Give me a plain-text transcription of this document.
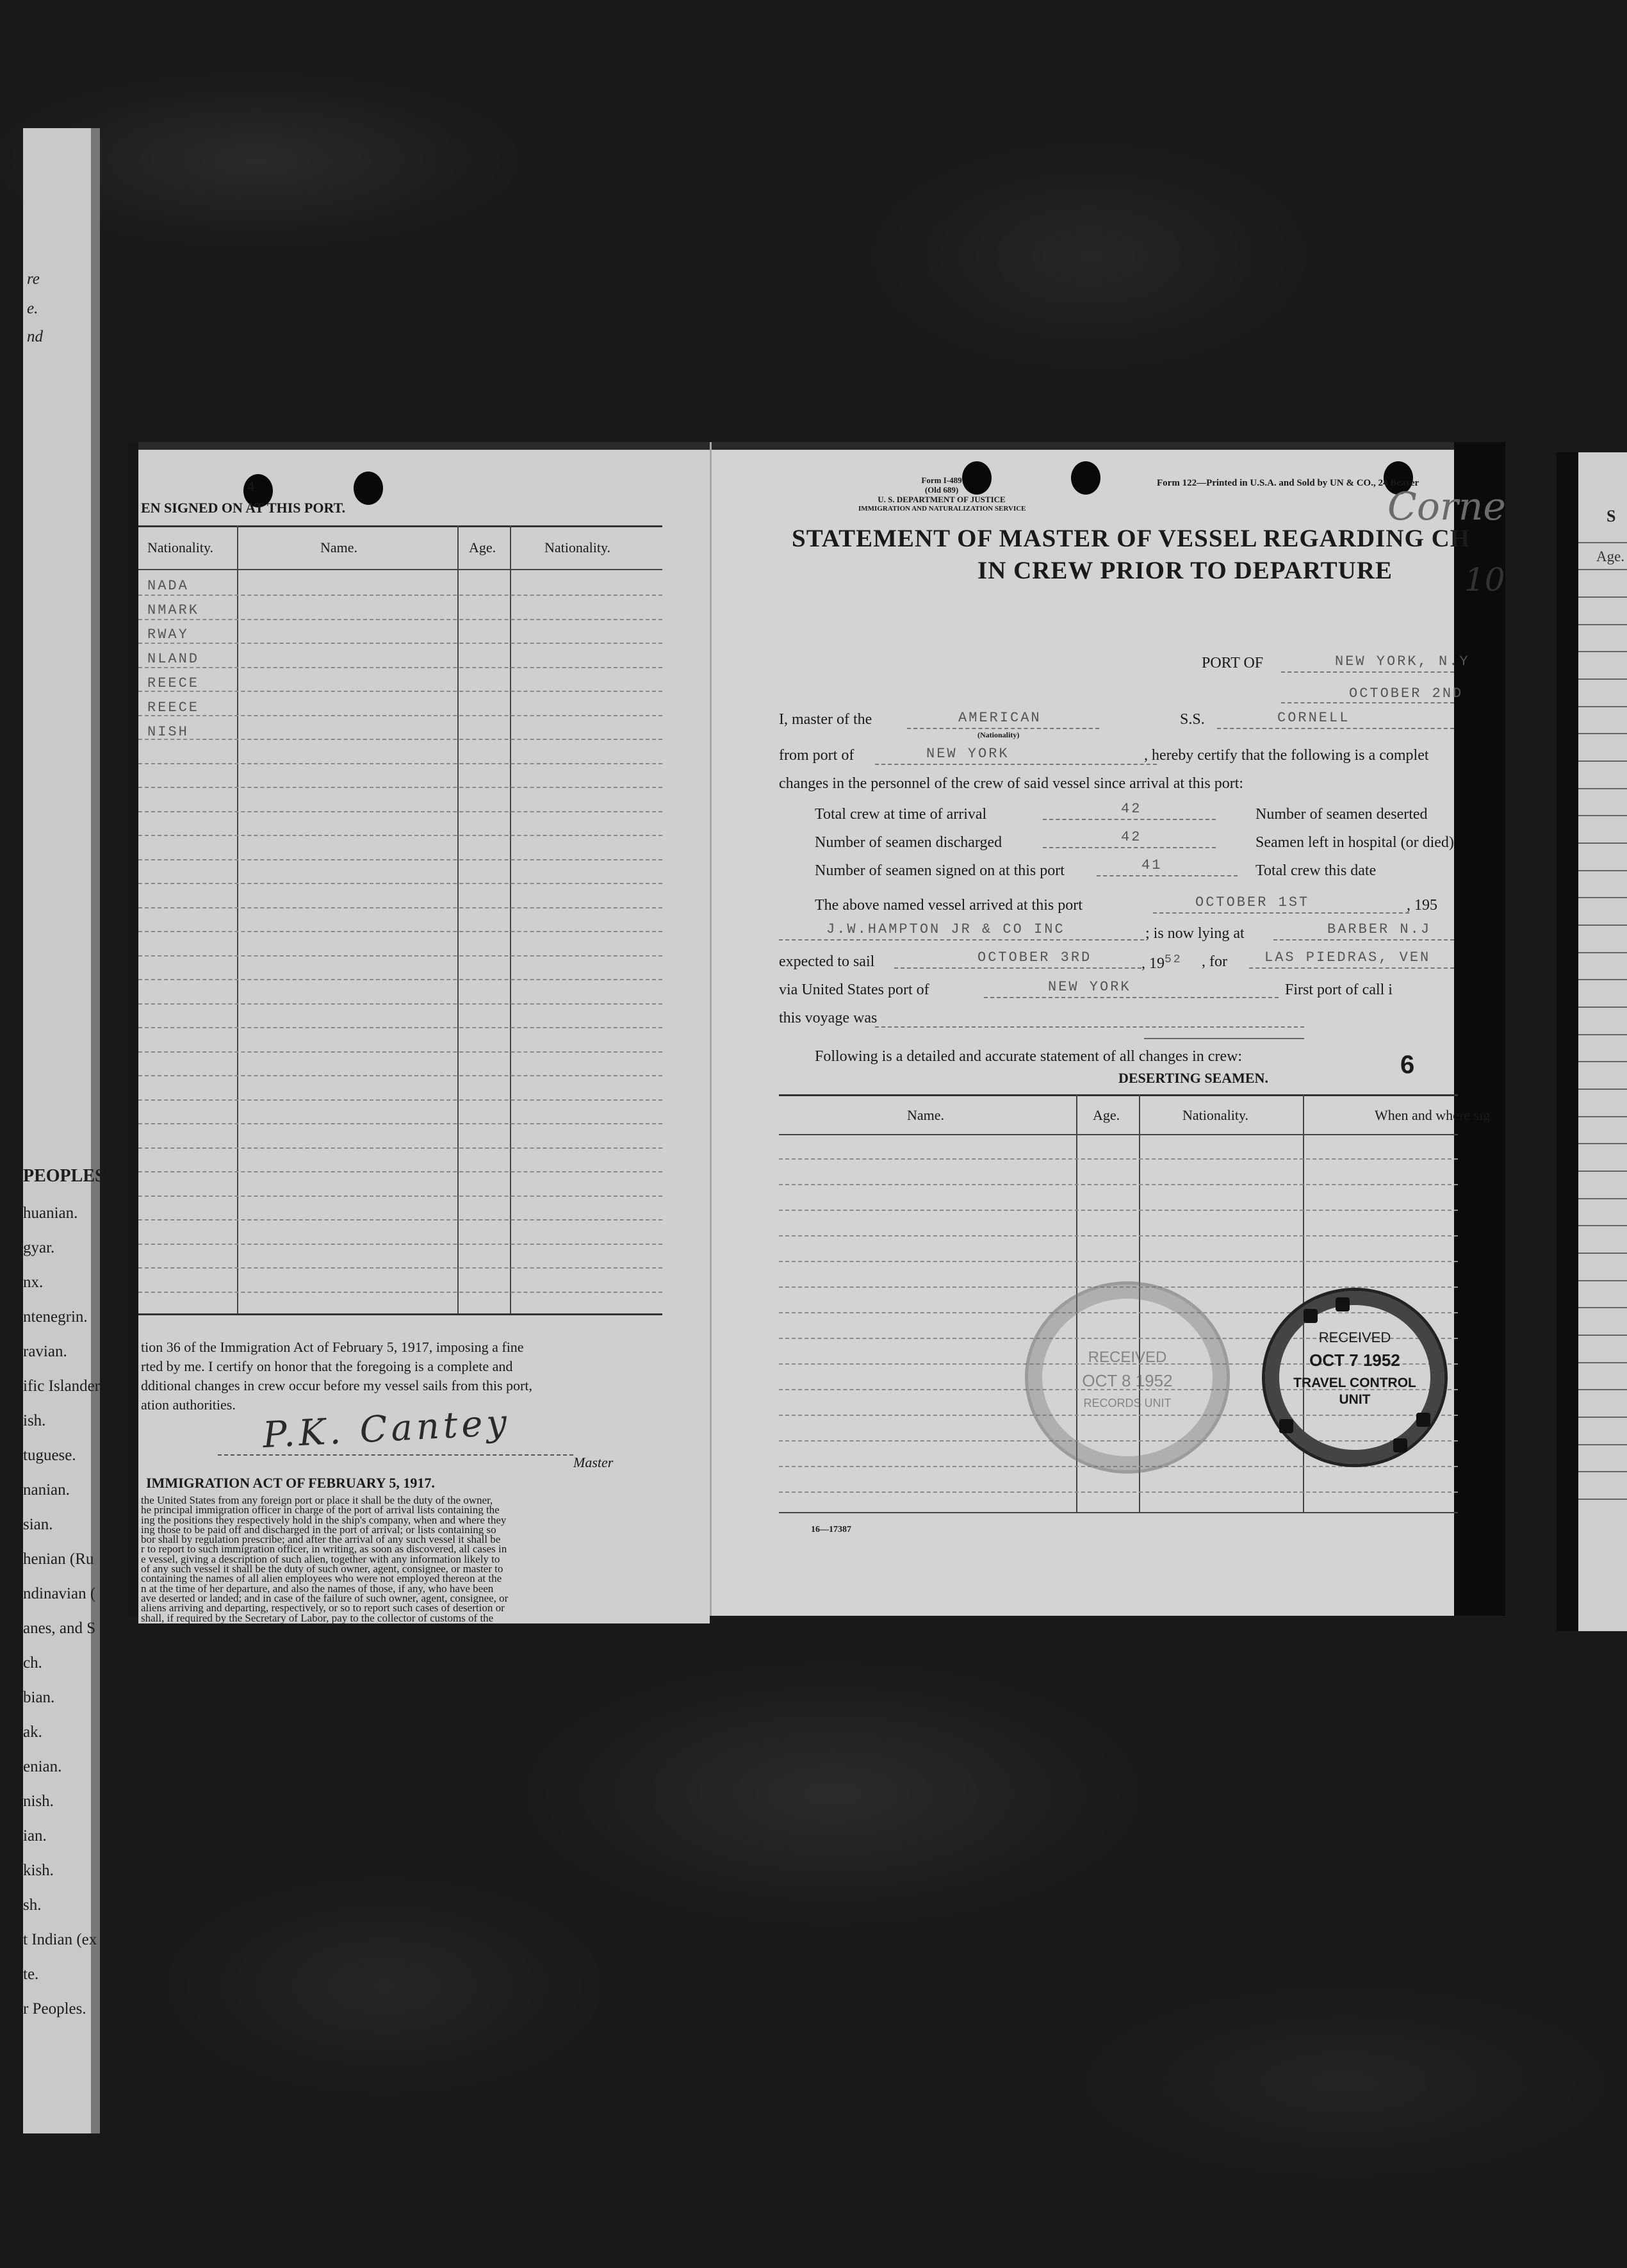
re
e.
nd
PEOPLES
huanian.
gyar.
nx.
ntenegrin.
ravian.
ific Islander
ish.
tuguese.
nanian.
sian.
henian (Ru
ndinavian (
anes, and S
ch.
bian.
ak.
enian.
nish.
ian.
kish.
sh.
t Indian (ex
te.
r Peoples.
S
Age.
4
EN SIGNED ON AT THIS PORT.
Nationality.	Name.	Age.	Nationality.
NADA
NMARK
RWAY
NLAND
REECE
REECE
NISH
tion 36 of the Immigration Act of February 5, 1917, imposing a fine
rted by me. I certify on honor that the foregoing is a complete and
dditional changes in crew occur before my vessel sails from this port,
ation authorities. P.K. Cantey
Master
IMMIGRATION ACT OF FEBRUARY 5, 1917.
the United States from any foreign port or place it shall be the duty of the owner,
he principal immigration officer in charge of the port of arrival lists containing the
ing the positions they respectively hold in the ship's company, when and where they
ing those to be paid off and discharged in the port of arrival; or lists containing so
bor shall by regulation prescribe; and after the arrival of any such vessel it shall be
r to report to such immigration officer, in writing, as soon as discovered, all cases in
e vessel, giving a description of such alien, together with any information likely to
of any such vessel it shall be the duty of such owner, agent, consignee, or master to
containing the names of all alien employees who were not employed thereon at the
n at the time of her departure, and also the names of those, if any, who have been
ave deserted or landed; and in case of the failure of such owner, agent, consignee, or
aliens arriving and departing, respectively, or so to report such cases of desertion or
shall, if required by the Secretary of Labor, pay to the collector of customs of the
cated the sum of $10 for each alien concerning whom correct lists are not delivered
no such vessel shall be granted clearance pending the determination of the question
, in the event such fine is imposed, while it remains unpaid; nor shall such fine be
may be granted prior to the determination of such question upon deposit of a sum
Form I-489
(Old 689)
U. S. DEPARTMENT OF JUSTICE
IMMIGRATION AND NATURALIZATION SERVICE
Form 122—Printed in U.S.A. and Sold by UN & CO., 24 Beaver
Corne
10
STATEMENT OF MASTER OF VESSEL REGARDING CH
IN CREW PRIOR TO DEPARTURE
PORT OF	NEW YORK, N.Y
OCTOBER 2ND
I, master of the	AMERICAN
(Nationality)
S.S.	CORNELL
from port of	NEW YORK	, hereby certify that the following is a complet
changes in the personnel of the crew of said vessel since arrival at this port:
Total crew at time of arrival	42	Number of seamen deserted
Number of seamen discharged	42	Seamen left in hospital (or died)
Number of seamen signed on at this port	41	Total crew this date
The above named vessel arrived at this port	OCTOBER 1ST	, 195
J.W.HAMPTON JR & CO INC	; is now lying at	BARBER N.J
expected to sail	OCTOBER 3RD	, $19^{52}$ , for	LAS PIEDRAS, VEN
via United States port of	NEW YORK	First port of call i
this voyage was
Following is a detailed and accurate statement of all changes in crew:
DESERTING SEAMEN.	6
Name.	Age.	Nationality.	When and where sig
16—17387
RECEIVED
OCT 8 1952
RECORDS UNIT
RECEIVED
OCT 7 1952
TRAVEL CONTROL
UNIT
